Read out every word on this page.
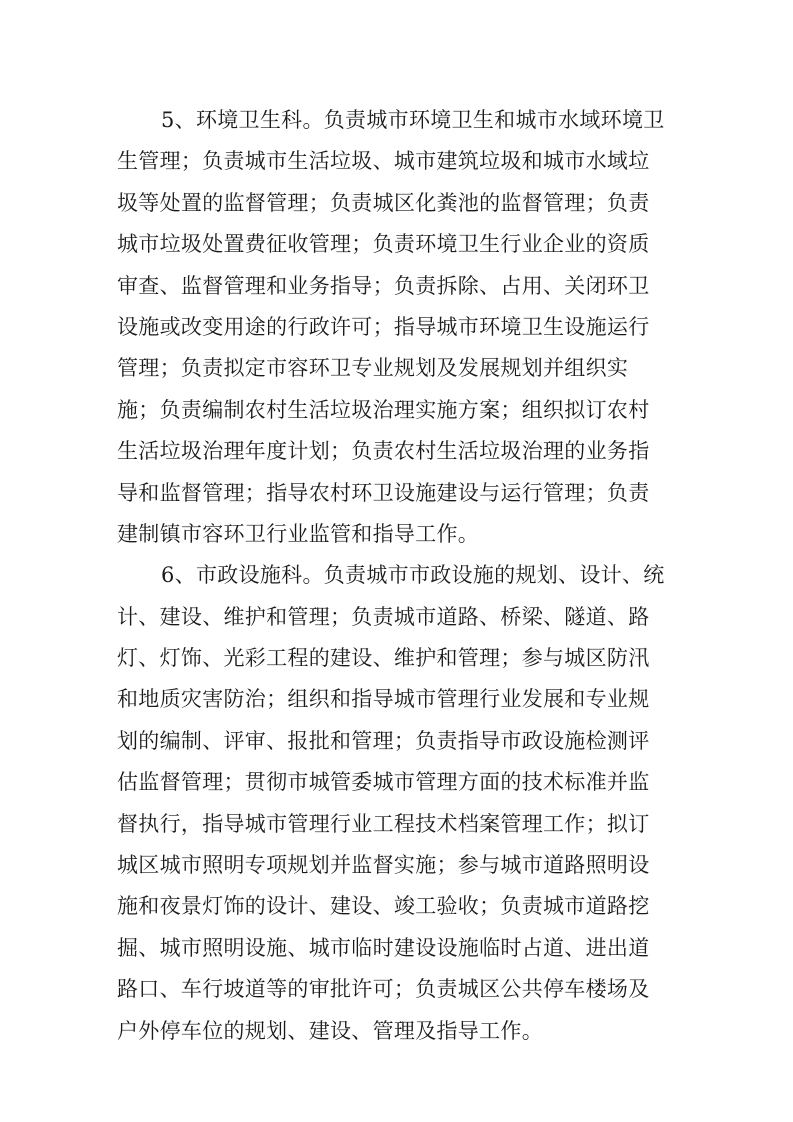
5、环境卫生科。负责城市环境卫生和城市水域环境卫
生管理；负责城市生活垃圾、城市建筑垃圾和城市水域垃
圾等处置的监督管理；负责城区化粪池的监督管理；负责
城市垃圾处置费征收管理；负责环境卫生行业企业的资质
审查、监督管理和业务指导；负责拆除、占用、关闭环卫
设施或改变用途的行政许可；指导城市环境卫生设施运行
管理；负责拟定市容环卫专业规划及发展规划并组织实
施；负责编制农村生活垃圾治理实施方案；组织拟订农村
生活垃圾治理年度计划；负责农村生活垃圾治理的业务指
导和监督管理；指导农村环卫设施建设与运行管理；负责
建制镇市容环卫行业监管和指导工作。
6、市政设施科。负责城市市政设施的规划、设计、统
计、建设、维护和管理；负责城市道路、桥梁、隧道、路
灯、灯饰、光彩工程的建设、维护和管理；参与城区防汛
和地质灾害防治；组织和指导城市管理行业发展和专业规
划的编制、评审、报批和管理；负责指导市政设施检测评
估监督管理；贯彻市城管委城市管理方面的技术标准并监
督执行，指导城市管理行业工程技术档案管理工作；拟订
城区城市照明专项规划并监督实施；参与城市道路照明设
施和夜景灯饰的设计、建设、竣工验收；负责城市道路挖
掘、城市照明设施、城市临时建设设施临时占道、进出道
路口、车行坡道等的审批许可；负责城区公共停车楼场及
户外停车位的规划、建设、管理及指导工作。
